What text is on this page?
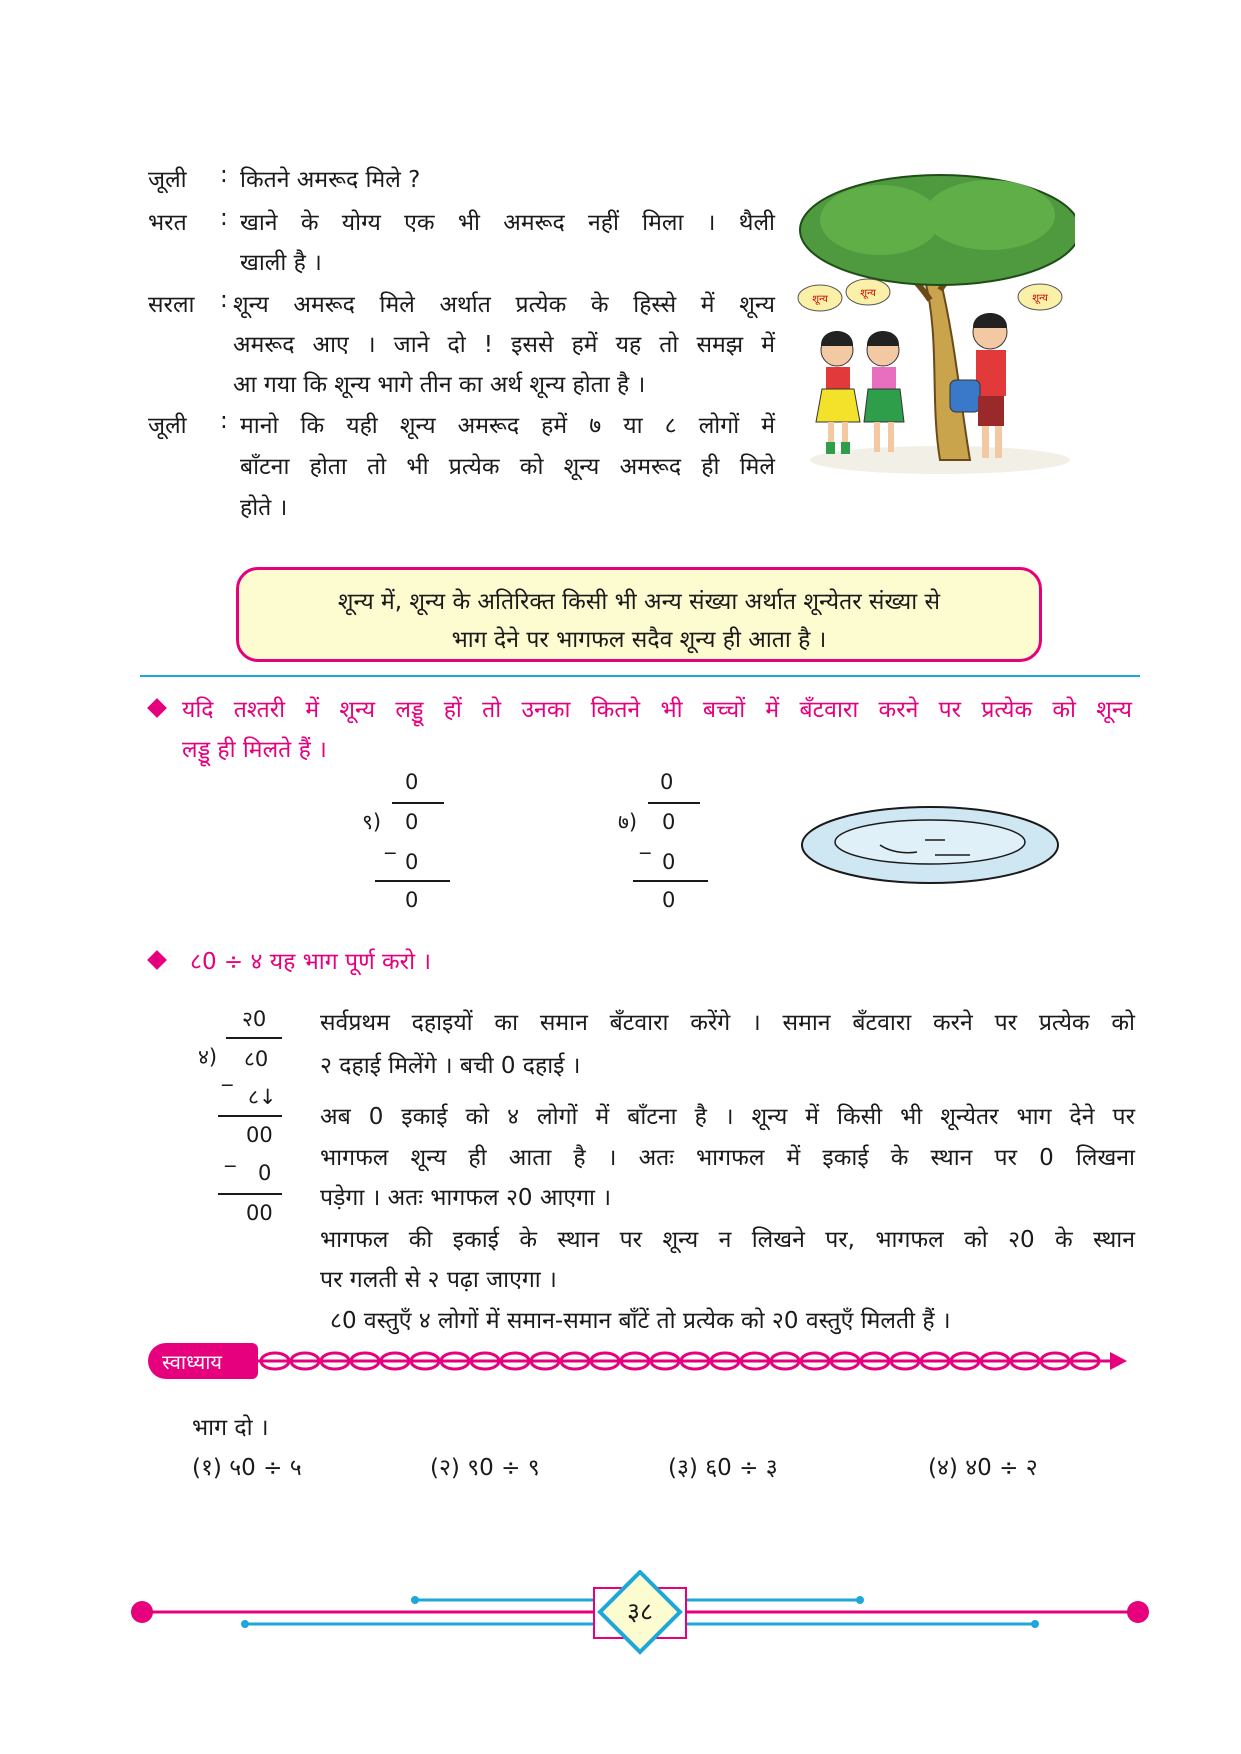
जूली : कितने अमरूद मिले ?
भरत : खाने के योग्य एक भी अमरूद नहीं मिला । थैली
खाली है ।
सरला : शून्य अमरूद मिले अर्थात प्रत्येक के हिस्से में शून्य
अमरूद आए । जाने दो ! इससे हमें यह तो समझ में
आ गया कि शून्य भागे तीन का अर्थ शून्य होता है ।
जूली : मानो कि यही शून्य अमरूद हमें ७ या ८ लोगों में
बाँटना होता तो भी प्रत्येक को शून्य अमरूद ही मिले
होते ।
शून्य
शून्य	शून्य
शून्य में, शून्य के अतिरिक्त किसी भी अन्य संख्या अर्थात शून्येतर संख्या से
भाग देने पर भागफल सदैव शून्य ही आता है ।
यदि तश्तरी में शून्य लड्डू हों तो उनका कितने भी बच्चों में बँटवारा करने पर प्रत्येक को शून्य
लड्डू ही मिलते हैं ।
0
९) 0
_
0
0
0
७) 0
_
0
0
८0 ÷ ४ यह भाग पूर्ण करो ।
२0
४) ८0
_
८↓
00
_
0
00
सर्वप्रथम दहाइयों का समान बँटवारा करेंगे । समान बँटवारा करने पर प्रत्येक को
२ दहाई मिलेंगे । बची 0 दहाई ।
अब 0 इकाई को ४ लोगों में बाँटना है । शून्य में किसी भी शून्येतर भाग देने पर
भागफल शून्य ही आता है । अतः भागफल में इकाई के स्थान पर 0 लिखना
पड़ेगा । अतः भागफल २0 आएगा ।
भागफल की इकाई के स्थान पर शून्य न लिखने पर, भागफल को २0 के स्थान
पर गलती से २ पढ़ा जाएगा ।
८0 वस्तुएँ ४ लोगों में समान-समान बाँटें तो प्रत्येक को २0 वस्तुएँ मिलती हैं ।
स्वाध्याय
भाग दो ।
(१) ५0 ÷ ५	(२) ९0 ÷ ९	(३) ६0 ÷ ३	(४) ४0 ÷ २
३८
